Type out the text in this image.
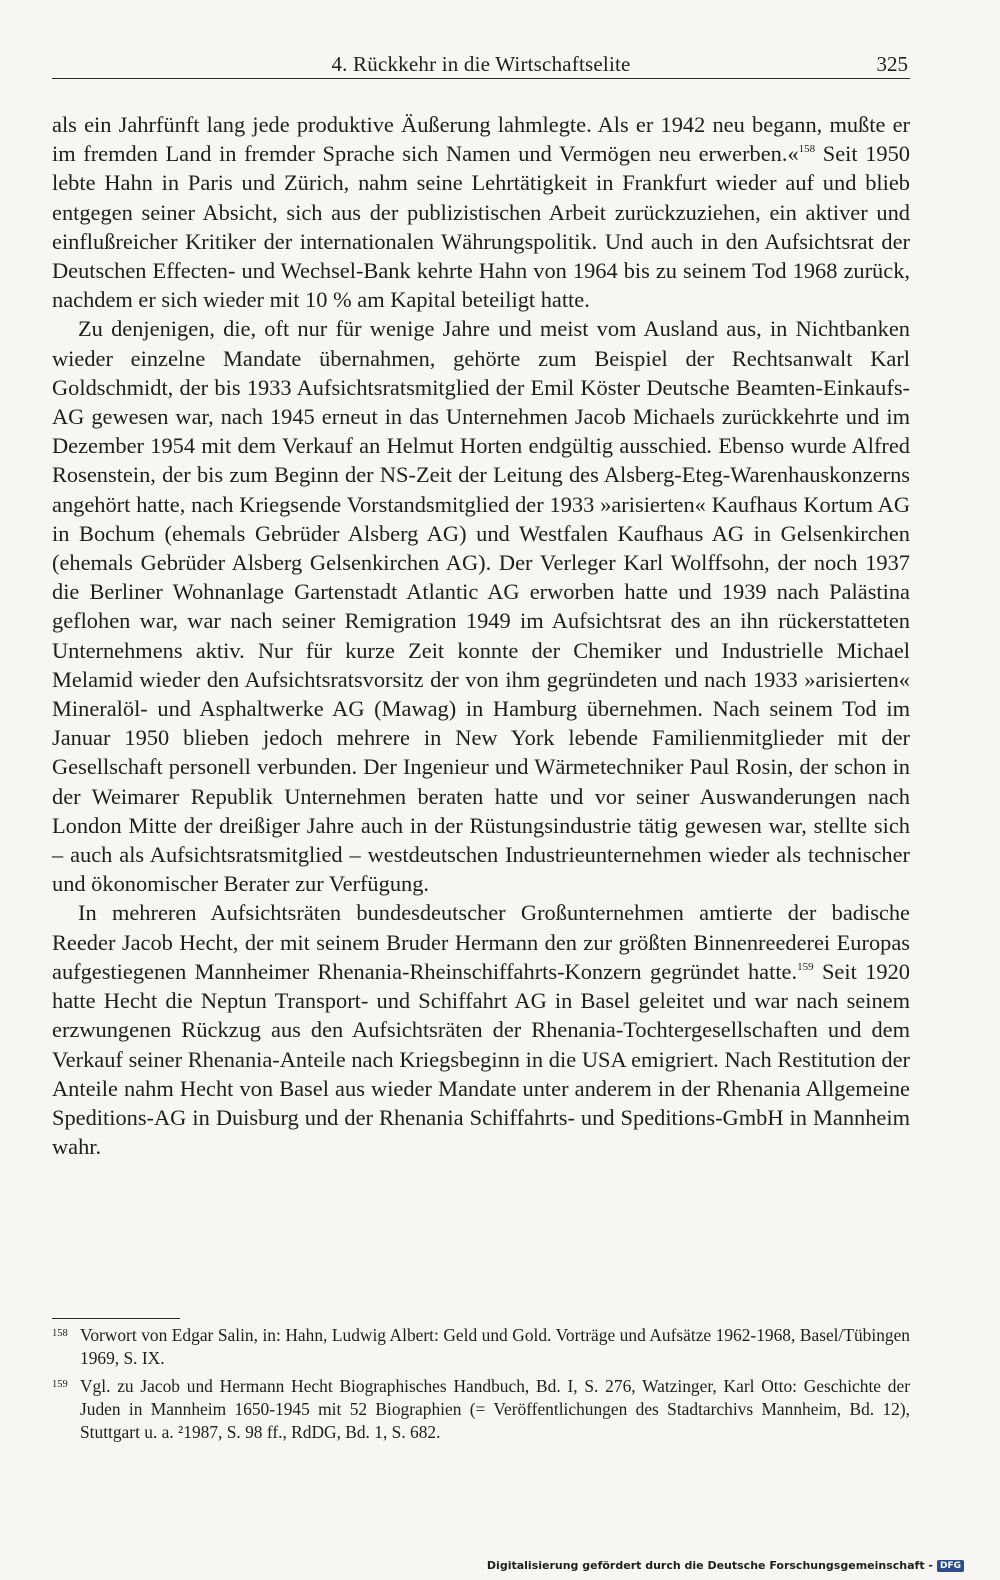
4. Rückkehr in die Wirtschaftselite	325

als ein Jahrfünft lang jede produktive Äußerung lahmlegte. Als er 1942 neu begann, mußte er im fremden Land in fremder Sprache sich Namen und Vermögen neu erwerben.«$^{158}$ Seit 1950 lebte Hahn in Paris und Zürich, nahm seine Lehrtätigkeit in Frankfurt wieder auf und blieb entgegen seiner Absicht, sich aus der publizistischen Arbeit zurückzuziehen, ein aktiver und einflußreicher Kritiker der internationalen Währungspolitik. Und auch in den Aufsichtsrat der Deutschen Effecten- und Wechsel-Bank kehrte Hahn von 1964 bis zu seinem Tod 1968 zurück, nachdem er sich wieder mit 10 % am Kapital beteiligt hatte.

Zu denjenigen, die, oft nur für wenige Jahre und meist vom Ausland aus, in Nichtbanken wieder einzelne Mandate übernahmen, gehörte zum Beispiel der Rechtsanwalt Karl Goldschmidt, der bis 1933 Aufsichtsratsmitglied der Emil Köster Deutsche Beamten-Einkaufs-AG gewesen war, nach 1945 erneut in das Unternehmen Jacob Michaels zurückkehrte und im Dezember 1954 mit dem Verkauf an Helmut Horten endgültig ausschied. Ebenso wurde Alfred Rosenstein, der bis zum Beginn der NS-Zeit der Leitung des Alsberg-Eteg-Warenhauskonzerns angehört hatte, nach Kriegsende Vorstandsmitglied der 1933 »arisierten« Kaufhaus Kortum AG in Bochum (ehemals Gebrüder Alsberg AG) und Westfalen Kaufhaus AG in Gelsenkirchen (ehemals Gebrüder Alsberg Gelsenkirchen AG). Der Verleger Karl Wolffsohn, der noch 1937 die Berliner Wohnanlage Gartenstadt Atlantic AG erworben hatte und 1939 nach Palästina geflohen war, war nach seiner Remigration 1949 im Aufsichtsrat des an ihn rückerstatteten Unternehmens aktiv. Nur für kurze Zeit konnte der Chemiker und Industrielle Michael Melamid wieder den Aufsichtsratsvorsitz der von ihm gegründeten und nach 1933 »arisierten« Mineralöl- und Asphaltwerke AG (Mawag) in Hamburg übernehmen. Nach seinem Tod im Januar 1950 blieben jedoch mehrere in New York lebende Familienmitglieder mit der Gesellschaft personell verbunden. Der Ingenieur und Wärmetechniker Paul Rosin, der schon in der Weimarer Republik Unternehmen beraten hatte und vor seiner Auswanderungen nach London Mitte der dreißiger Jahre auch in der Rüstungsindustrie tätig gewesen war, stellte sich – auch als Aufsichtsratsmitglied – westdeutschen Industrieunternehmen wieder als technischer und ökonomischer Berater zur Verfügung.

In mehreren Aufsichtsräten bundesdeutscher Großunternehmen amtierte der badische Reeder Jacob Hecht, der mit seinem Bruder Hermann den zur größten Binnenreederei Europas aufgestiegenen Mannheimer Rhenania-Rheinschiffahrts-Konzern gegründet hatte.$^{159}$ Seit 1920 hatte Hecht die Neptun Transport- und Schiffahrt AG in Basel geleitet und war nach seinem erzwungenen Rückzug aus den Aufsichtsräten der Rhenania-Tochtergesellschaften und dem Verkauf seiner Rhenania-Anteile nach Kriegsbeginn in die USA emigriert. Nach Restitution der Anteile nahm Hecht von Basel aus wieder Mandate unter anderem in der Rhenania Allgemeine Speditions-AG in Duisburg und der Rhenania Schiffahrts- und Speditions-GmbH in Mannheim wahr.

158 Vorwort von Edgar Salin, in: Hahn, Ludwig Albert: Geld und Gold. Vorträge und Aufsätze 1962-1968, Basel/Tübingen 1969, S. IX.

159 Vgl. zu Jacob und Hermann Hecht Biographisches Handbuch, Bd. I, S. 276, Watzinger, Karl Otto: Geschichte der Juden in Mannheim 1650-1945 mit 52 Biographien (= Veröffentlichungen des Stadtarchivs Mannheim, Bd. 12), Stuttgart u. a. ²1987, S. 98 ff., RdDG, Bd. 1, S. 682.

Digitalisierung gefördert durch die Deutsche Forschungsgemeinschaft - DFG
